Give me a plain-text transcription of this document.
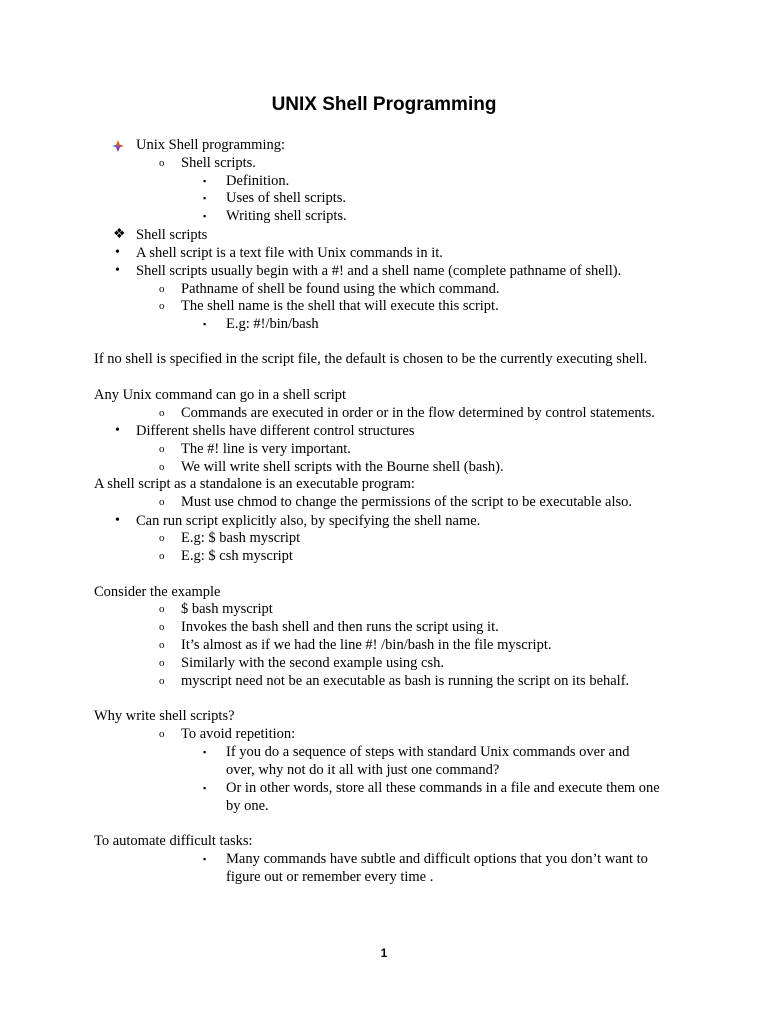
UNIX Shell Programming
Unix Shell programming:
o Shell scripts.
▪ Definition.
▪ Uses of shell scripts.
▪ Writing shell scripts.
❖ Shell scripts
• A shell script is a text file with Unix commands in it.
• Shell scripts usually begin with a #! and a shell name (complete pathname of shell).
o Pathname of shell be found using the which command.
o The shell name is the shell that will execute this script.
▪ E.g: #!/bin/bash
If no shell is specified in the script file, the default is chosen to be the currently executing shell.
Any Unix command can go in a shell script
o Commands are executed in order or in the flow determined by control statements.
• Different shells have different control structures
o The #! line is very important.
o We will write shell scripts with the Bourne shell (bash).
A shell script as a standalone is an executable program:
o Must use chmod to change the permissions of the script to be executable also.
• Can run script explicitly also, by specifying the shell name.
o E.g: $ bash myscript
o E.g: $ csh myscript
Consider the example
o $ bash myscript
o Invokes the bash shell and then runs the script using it.
o It’s almost as if we had the line #! /bin/bash in the file myscript.
o Similarly with the second example using csh.
o myscript need not be an executable as bash is running the script on its behalf.
Why write shell scripts?
o To avoid repetition:
▪ If you do a sequence of steps with standard Unix commands over and
over, why not do it all with just one command?
▪ Or in other words, store all these commands in a file and execute them one
by one.
To automate difficult tasks:
▪ Many commands have subtle and difficult options that you don’t want to
figure out or remember every time .
1
